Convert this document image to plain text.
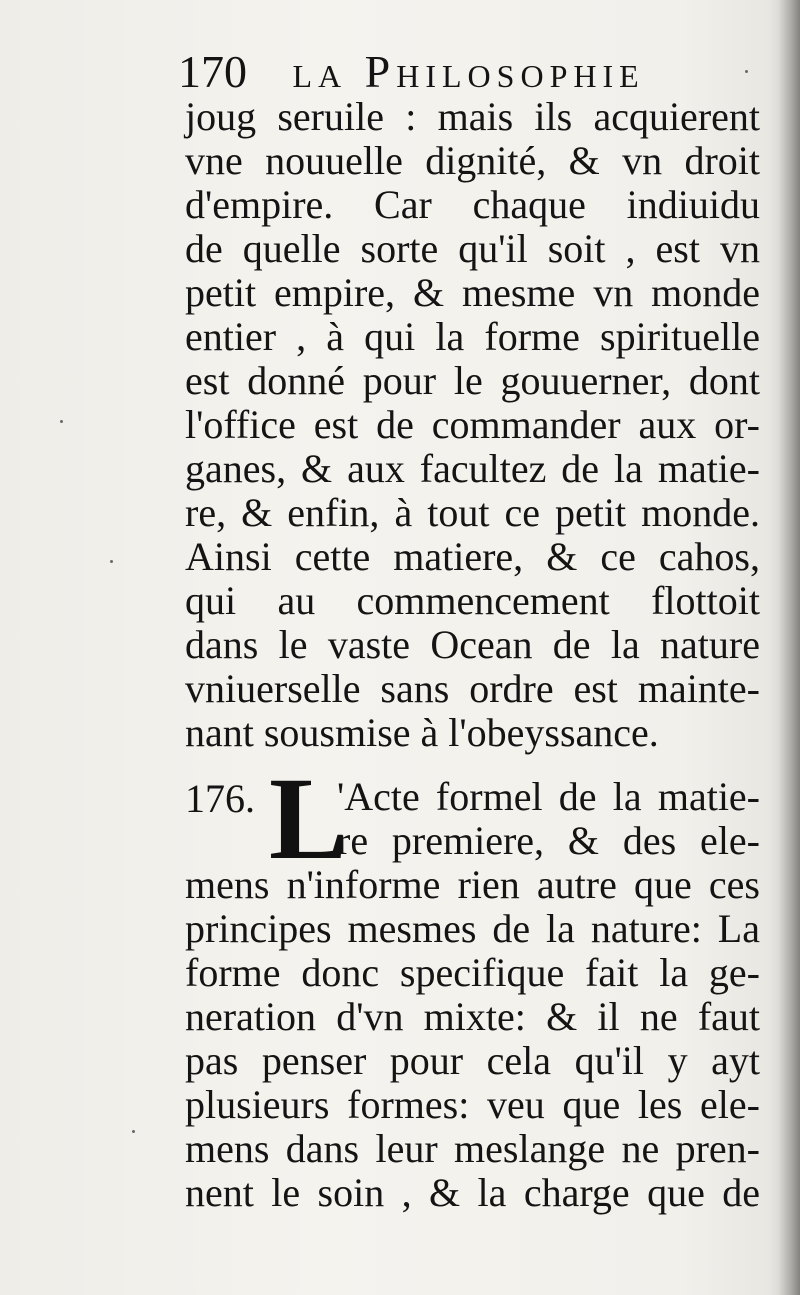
170 la Philosophie
joug seruile : mais ils acquierent
vne nouuelle dignité, & vn droit
d'empire. Car chaque indiuidu
de quelle sorte qu'il soit , est vn
petit empire, & mesme vn monde
entier , à qui la forme spirituelle
est donné pour le gouuerner, dont
l'office est de commander aux or-
ganes, & aux facultez de la matie-
re, & enfin, à tout ce petit monde.
Ainsi cette matiere, & ce cahos,
qui au commencement flottoit
dans le vaste Ocean de la nature
vniuerselle sans ordre est mainte-
nant sousmise à l'obeyssance.
176. L
'Acte formel de la matie-
re premiere, & des ele-
mens n'informe rien autre que ces
principes mesmes de la nature: La
forme donc specifique fait la ge-
neration d'vn mixte: & il ne faut
pas penser pour cela qu'il y ayt
plusieurs formes: veu que les ele-
mens dans leur meslange ne pren-
nent le soin , & la charge que de
